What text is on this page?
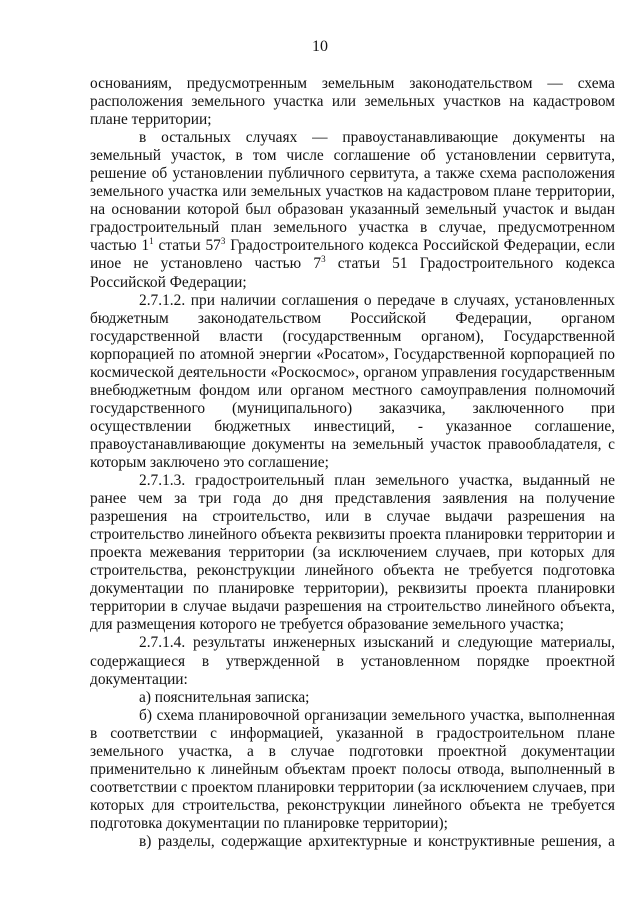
10

основаниям, предусмотренным земельным законодательством — схема расположения земельного участка или земельных участков на кадастровом плане территории;

в остальных случаях — правоустанавливающие документы на земельный участок, в том числе соглашение об установлении сервитута, решение об установлении публичного сервитута, а также схема расположения земельного участка или земельных участков на кадастровом плане территории, на основании которой был образован указанный земельный участок и выдан градостроительный план земельного участка в случае, предусмотренном частью $1^1$ статьи $57^3$ Градостроительного кодекса Российской Федерации, если иное не установлено частью $7^3$ статьи 51 Градостроительного кодекса Российской Федерации;

2.7.1.2. при наличии соглашения о передаче в случаях, установленных бюджетным законодательством Российской Федерации, органом государственной власти (государственным органом), Государственной корпорацией по атомной энергии «Росатом», Государственной корпорацией по космической деятельности «Роскосмос», органом управления государственным внебюджетным фондом или органом местного самоуправления полномочий государственного (муниципального) заказчика, заключенного при осуществлении бюджетных инвестиций, - указанное соглашение, правоустанавливающие документы на земельный участок правообладателя, с которым заключено это соглашение;

2.7.1.3. градостроительный план земельного участка, выданный не ранее чем за три года до дня представления заявления на получение разрешения на строительство, или в случае выдачи разрешения на строительство линейного объекта реквизиты проекта планировки территории и проекта межевания территории (за исключением случаев, при которых для строительства, реконструкции линейного объекта не требуется подготовка документации по планировке территории), реквизиты проекта планировки территории в случае выдачи разрешения на строительство линейного объекта, для размещения которого не требуется образование земельного участка;

2.7.1.4. результаты инженерных изысканий и следующие материалы, содержащиеся в утвержденной в установленном порядке проектной документации:

а) пояснительная записка;

б) схема планировочной организации земельного участка, выполненная в соответствии с информацией, указанной в градостроительном плане земельного участка, а в случае подготовки проектной документации применительно к линейным объектам проект полосы отвода, выполненный в соответствии с проектом планировки территории (за исключением случаев, при которых для строительства, реконструкции линейного объекта не требуется подготовка документации по планировке территории);

в) разделы, содержащие архитектурные и конструктивные решения, а
